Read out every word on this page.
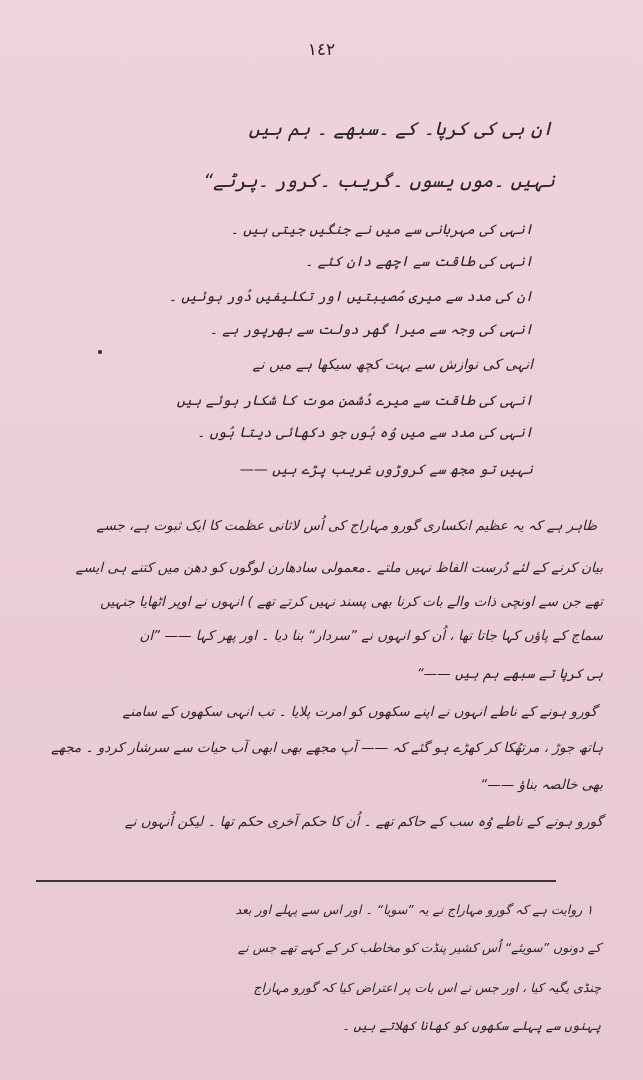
١٤٢
ان ہی کی کرپا۔ کے ۔سبھے ۔ ہم ہیں
نہیں ۔موں یسوں ۔گریب ۔کرور ۔پرٹے“
انہی کی مہربانی سے میں نے جنگیں جیتی ہیں ۔
انہی کی طاقت سے اچھے دان کئے ۔
ان کی مدد سے میری مُصیبتیں اور تکلیفیں دُور ہوئیں ۔
انہی کی وجہ سے میرا گھر دولت سے بھرپور ہے ۔
انہی کی نوازش سے بہت کچھ سیکھا ہے میں نے
انہی کی طاقت سے میرے دُشمن موت کا شکار ہوئے ہیں
انہی کی مدد سے میں وُہ ہُوں جو دکھائی دیتا ہُوں ۔
نہیں تو مجھ سے کروڑوں غریب پڑے ہیں ——
ظاہر ہے کہ یہ عظیم انکساری گورو مہاراج کی اُس لاثانی عظمت کا ایک ثبوت ہے، جسے
بیان کرنے کے لئے دُرست الفاظ نہیں ملتے ۔معمولی سادھارن لوگوں کو دھن میں کتنے ہی ایسے
تھے جن سے اونچی ذات والے بات کرنا بھی پسند نہیں کرتے تھے ) انہوں نے اوپر اٹھایا جنہیں
سماج کے پاؤں کہا جاتا تھا ، اُن کو انہوں نے ”سردار“ بنا دیا ۔ اور پھر کہا —— ”ان
ہی کرپا تے سبھے ہم ہیں ——“
گورو ہونے کے ناطے انہوں نے اپنے سکھوں کو امرت پلایا ۔ تب انہی سکھوں کے سامنے
ہاتھ جوڑ ، مرتھُکا کر کھڑے ہو گئے کہ —— آپ مجھے بھی ابھی آب حیات سے سرشار کردو ۔ مجھے
بھی خالصہ بناؤ ——“
گورو ہونے کے ناطے وُہ سب کے حاکم تھے ۔ اُن کا حکم آخری حکم تھا ۔ لیکن اُنہوں نے
۱ روایت ہے کہ گورو مہاراج نے یہ ”سویا“ ۔ اور اس سے پہلے اور بعد
کے دونوں ”سویئے“ اُس کشیر پنڈت کو مخاطب کر کے کہے تھے جس نے
چنڈی یگیہ کیا ، اور جس نے اس بات پر اعتراض کیا کہ گورو مہاراج
پہنوں سے پہلے سکھوں کو کھانا کھلاتے ہیں ۔
